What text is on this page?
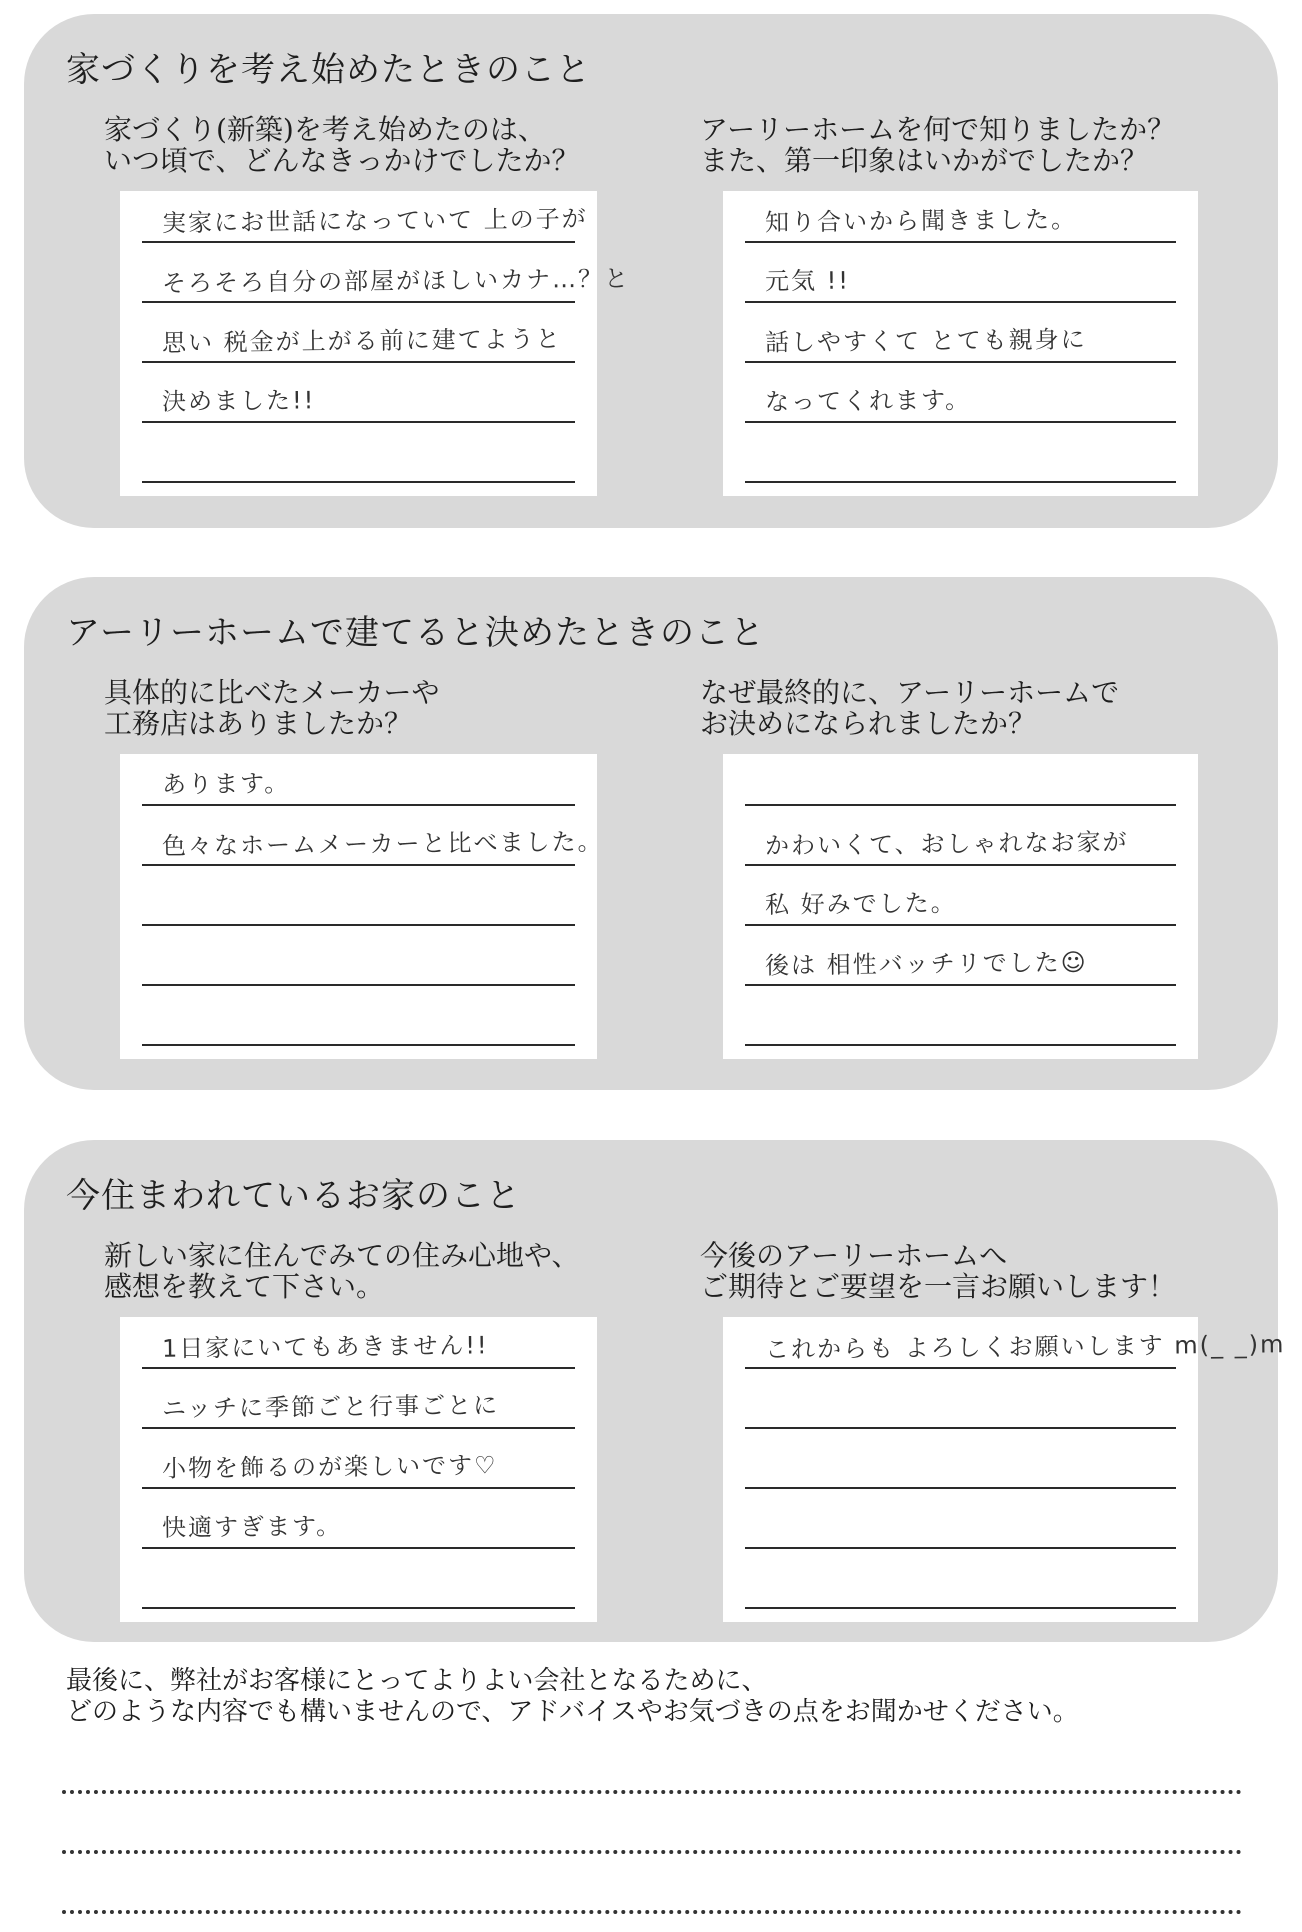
家づくりを考え始めたときのこと
家づくり(新築)を考え始めたのは、
いつ頃で、どんなきっかけでしたか？
アーリーホームを何で知りましたか？
また、第一印象はいかがでしたか？
実家にお世話になっていて 上の子が
そろそろ自分の部屋がほしいカナ…？と
思い 税金が上がる前に建てようと
決めました!!
知り合いから聞きました。
元気 !!
話しやすくて とても親身に
なってくれます。
アーリーホームで建てると決めたときのこと
具体的に比べたメーカーや
工務店はありましたか？
なぜ最終的に、アーリーホームで
お決めになられましたか？
あります。
色々なホームメーカーと比べました。	かわいくて、おしゃれなお家が
私 好みでした。
後は 相性バッチリでした☺
今住まわれているお家のこと
新しい家に住んでみての住み心地や、
感想を教えて下さい。
今後のアーリーホームへ
ご期待とご要望を一言お願いします！
1日家にいてもあきません!!
ニッチに季節ごと行事ごとに
小物を飾るのが楽しいです♡
快適すぎます。
これからも よろしくお願いします m(_ _)m
最後に、弊社がお客様にとってよりよい会社となるために、
どのような内容でも構いませんので、アドバイスやお気づきの点をお聞かせください。
